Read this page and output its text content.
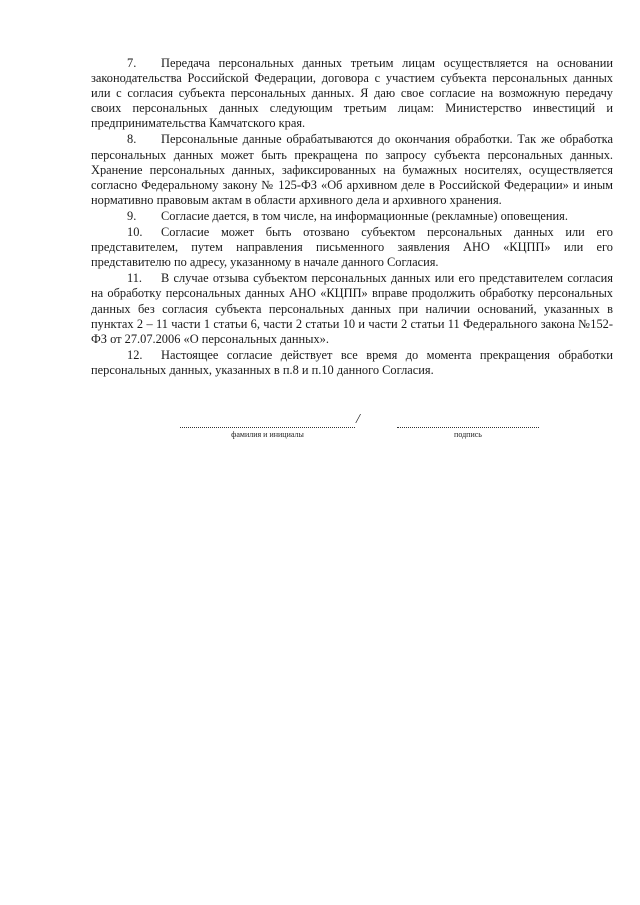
7. Передача персональных данных третьим лицам осуществляется на основании законодательства Российской Федерации, договора с участием субъекта персональных данных или с согласия субъекта персональных данных. Я даю свое согласие на возможную передачу своих персональных данных следующим третьим лицам: Министерство инвестиций и предпринимательства Камчатского края.

8. Персональные данные обрабатываются до окончания обработки. Так же обработка персональных данных может быть прекращена по запросу субъекта персональных данных. Хранение персональных данных, зафиксированных на бумажных носителях, осуществляется согласно Федеральному закону № 125-ФЗ «Об архивном деле в Российской Федерации» и иным нормативно правовым актам в области архивного дела и архивного хранения.

9. Согласие дается, в том числе, на информационные (рекламные) оповещения.

10. Согласие может быть отозвано субъектом персональных данных или его представителем, путем направления письменного заявления АНО «КЦПП» или его представителю по адресу, указанному в начале данного Согласия.

11. В случае отзыва субъектом персональных данных или его представителем согласия на обработку персональных данных АНО «КЦПП» вправе продолжить обработку персональных данных без согласия субъекта персональных данных при наличии оснований, указанных в пунктах 2 – 11 части 1 статьи 6, части 2 статьи 10 и части 2 статьи 11 Федерального закона №152-ФЗ от 27.07.2006 «О персональных данных».

12. Настоящее согласие действует все время до момента прекращения обработки персональных данных, указанных в п.8 и п.10 данного Согласия.

фамилия и инициалы
/
подпись
